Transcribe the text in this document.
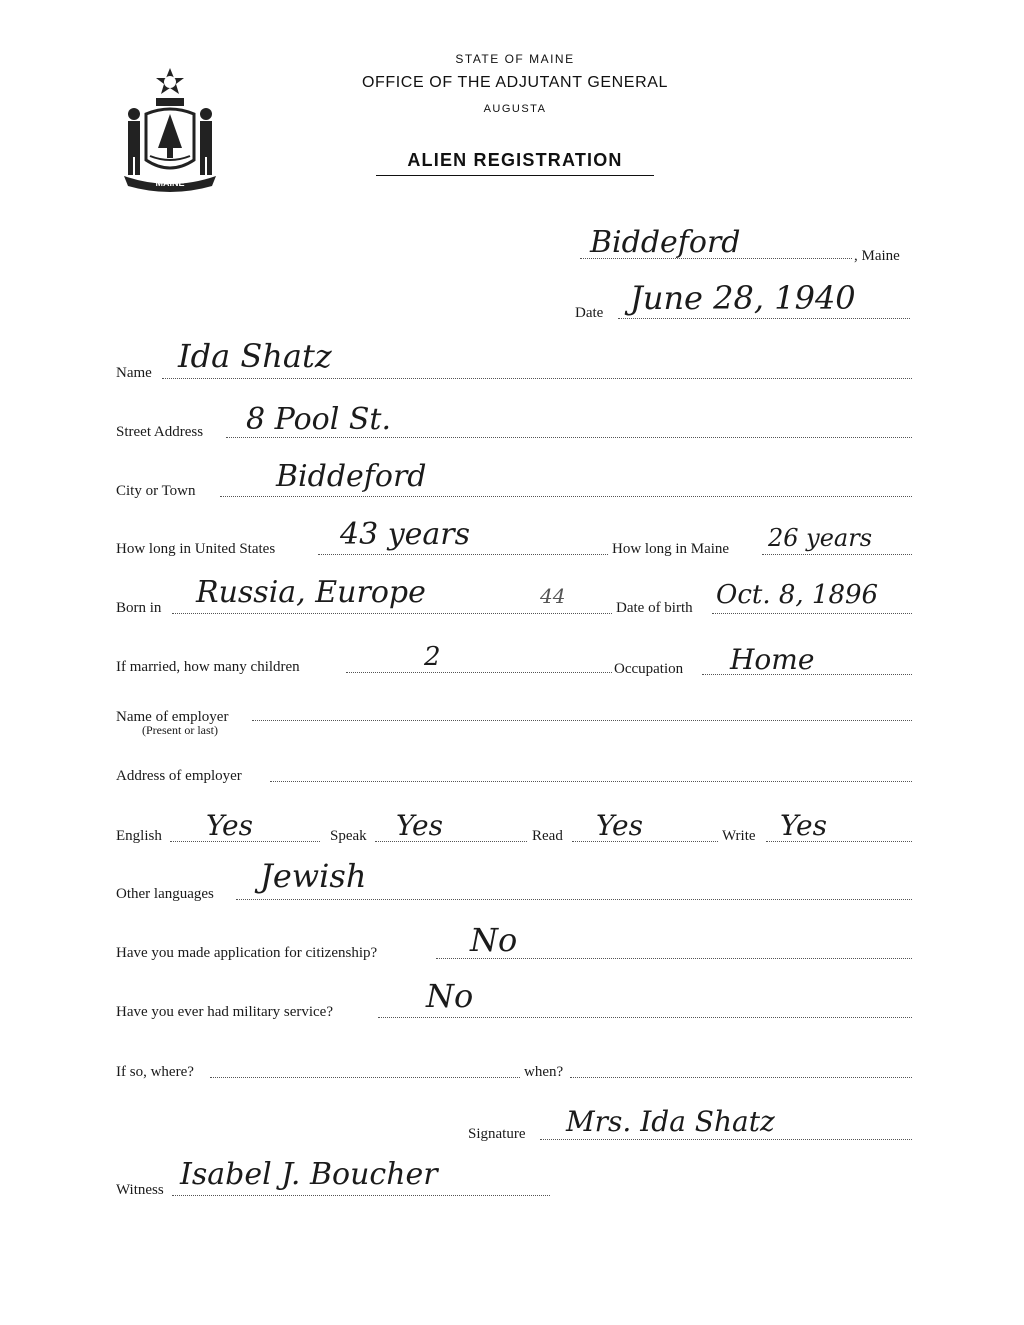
MAINE
STATE OF MAINE
OFFICE OF THE ADJUTANT GENERAL
AUGUSTA
ALIEN REGISTRATION
Biddeford	, Maine
Date June 28, 1940
Name Ida Shatz
Street Address 8 Pool St.
City or Town	Biddeford
How long in United States 43 years	How long in Maine 26 years
Born in Russia, Europe	44	Date of birth Oct. 8, 1896
If married, how many children	2	Occupation Home
Name of employer
(Present or last)
Address of employer
English Yes	Speak Yes	Read Yes	Write Yes
Other languages Jewish
Have you made application for citizenship?	No
Have you ever had military service?	No
If so, where?	when?
Signature Mrs. Ida Shatz
Witness Isabel J. Boucher
